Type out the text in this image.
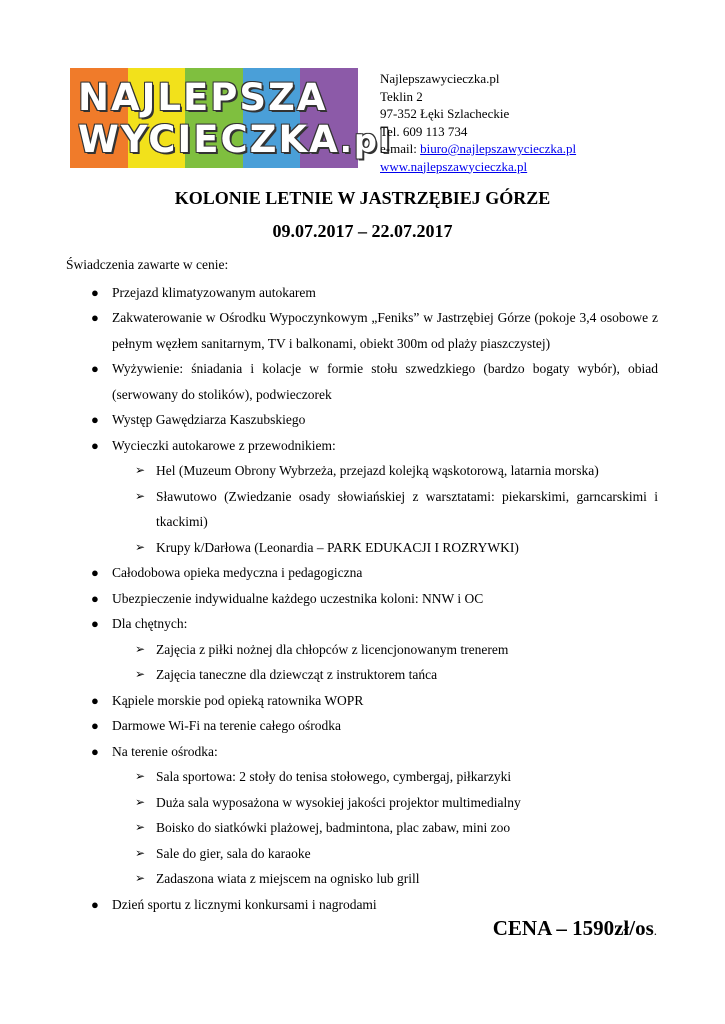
NAJLEPSZA
WYCIECZKA.pl
Najlepszawycieczka.pl
Teklin 2
97-352 Łęki Szlacheckie
Tel. 609 113 734
e-mail: biuro@najlepszawycieczka.pl
www.najlepszawycieczka.pl
KOLONIE LETNIE W JASTRZĘBIEJ GÓRZE
09.07.2017 – 22.07.2017
Świadczenia zawarte w cenie:
● Przejazd klimatyzowanym autokarem
● Zakwaterowanie w Ośrodku Wypoczynkowym „Feniks” w Jastrzębiej Górze (pokoje 3,4 osobowe z pełnym węzłem sanitarnym, TV i balkonami, obiekt 300m od plaży piaszczystej)
● Wyżywienie: śniadania i kolacje w formie stołu szwedzkiego (bardzo bogaty wybór), obiad (serwowany do stolików), podwieczorek
● Występ Gawędziarza Kaszubskiego
● Wycieczki autokarowe z przewodnikiem:
➢ Hel (Muzeum Obrony Wybrzeża, przejazd kolejką wąskotorową, latarnia morska)
➢ Sławutowo (Zwiedzanie osady słowiańskiej z warsztatami: piekarskimi, garncarskimi i tkackimi)
➢ Krupy k/Darłowa (Leonardia – PARK EDUKACJI I ROZRYWKI)
● Całodobowa opieka medyczna i pedagogiczna
● Ubezpieczenie indywidualne każdego uczestnika koloni: NNW i OC
● Dla chętnych:
➢ Zajęcia z piłki nożnej dla chłopców z licencjonowanym trenerem
➢ Zajęcia taneczne dla dziewcząt z instruktorem tańca
● Kąpiele morskie pod opieką ratownika WOPR
● Darmowe Wi-Fi na terenie całego ośrodka
● Na terenie ośrodka:
➢ Sala sportowa: 2 stoły do tenisa stołowego, cymbergaj, piłkarzyki
➢ Duża sala wyposażona w wysokiej jakości projektor multimedialny
➢ Boisko do siatkówki plażowej, badmintona, plac zabaw, mini zoo
➢ Sale do gier, sala do karaoke
➢ Zadaszona wiata z miejscem na ognisko lub grill
● Dzień sportu z licznymi konkursami i nagrodami
CENA – 1590zł/os.
